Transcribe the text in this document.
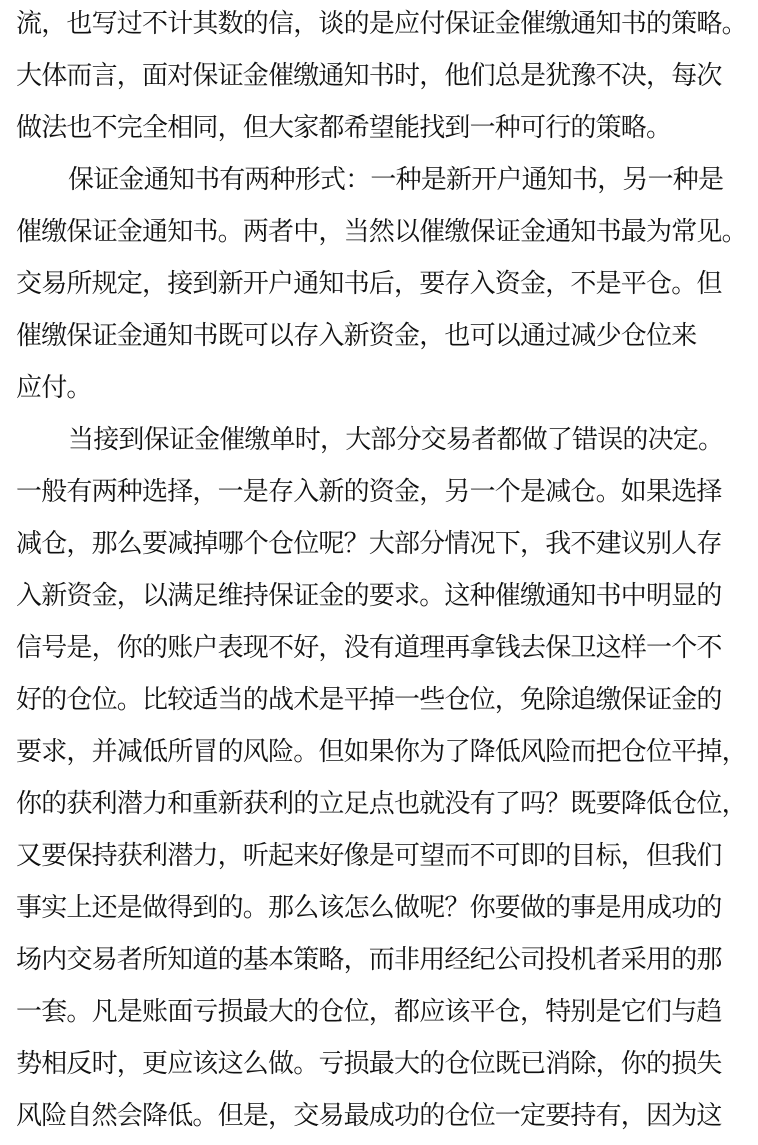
流，也写过不计其数的信，谈的是应付保证金催缴通知书的策略。
大体而言，面对保证金催缴通知书时，他们总是犹豫不决，每次
做法也不完全相同，但大家都希望能找到一种可行的策略。
保证金通知书有两种形式：一种是新开户通知书，另一种是
催缴保证金通知书。两者中，当然以催缴保证金通知书最为常见。
交易所规定，接到新开户通知书后，要存入资金，不是平仓。但
催缴保证金通知书既可以存入新资金，也可以通过减少仓位来
应付。
当接到保证金催缴单时，大部分交易者都做了错误的决定。
一般有两种选择，一是存入新的资金，另一个是减仓。如果选择
减仓，那么要减掉哪个仓位呢？大部分情况下，我不建议别人存
入新资金，以满足维持保证金的要求。这种催缴通知书中明显的
信号是，你的账户表现不好，没有道理再拿钱去保卫这样一个不
好的仓位。比较适当的战术是平掉一些仓位，免除追缴保证金的
要求，并减低所冒的风险。但如果你为了降低风险而把仓位平掉，
你的获利潜力和重新获利的立足点也就没有了吗？既要降低仓位，
又要保持获利潜力，听起来好像是可望而不可即的目标，但我们
事实上还是做得到的。那么该怎么做呢？你要做的事是用成功的
场内交易者所知道的基本策略，而非用经纪公司投机者采用的那
一套。凡是账面亏损最大的仓位，都应该平仓，特别是它们与趋
势相反时，更应该这么做。亏损最大的仓位既已消除，你的损失
风险自然会降低。但是，交易最成功的仓位一定要持有，因为这
